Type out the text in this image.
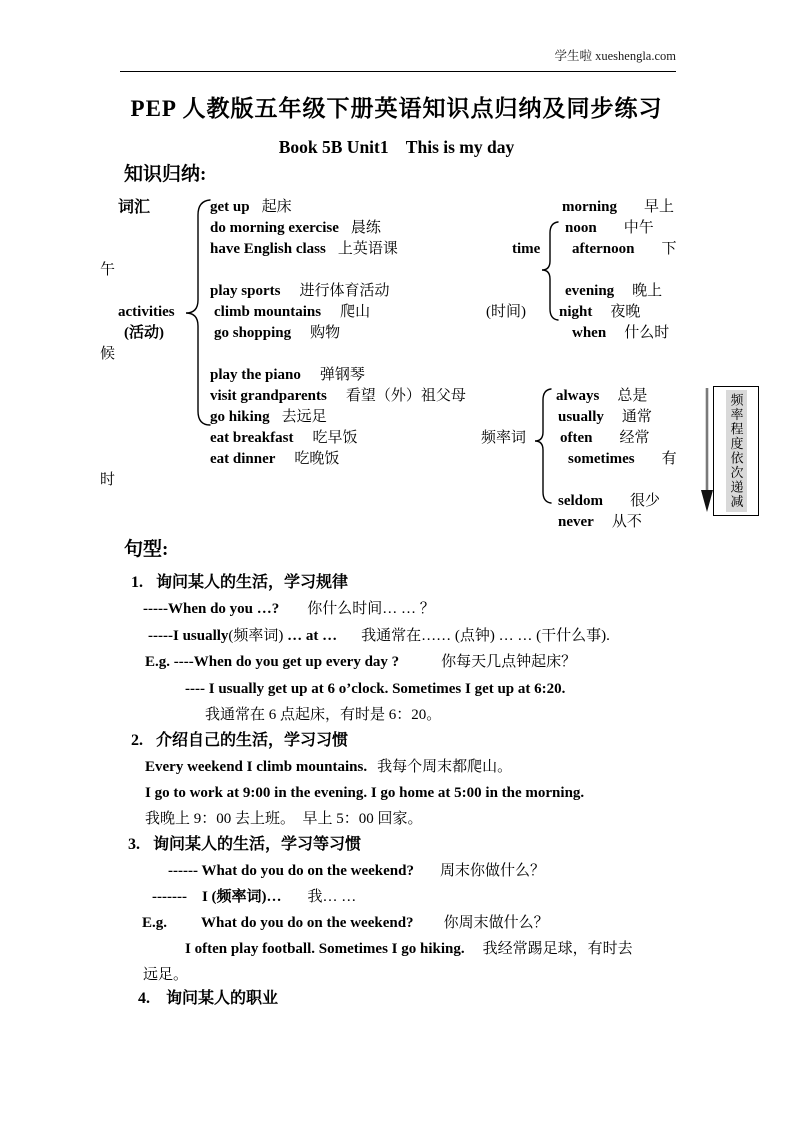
学生啦 xueshengla.com
PEP 人教版五年级下册英语知识点归纳及同步练习
Book 5B Unit1    This is my day
知识归纳:
词汇
activities
(活动)
午
候
时
get up 起床
do morning exercise 晨练
have English class 上英语课
play sports 进行体育活动
climb mountains 爬山
go shopping 购物
play the piano 弹钢琴
visit grandparents 看望（外）祖父母
go hiking 去远足
eat breakfast 吃早饭
eat dinner 吃晚饭
time
(时间)
morning 早上
noon 中午
afternoon 下
evening 晚上
night 夜晚
when 什么时
频率词
always 总是
usually 通常
often 经常
sometimes 有
seldom 很少
never 从不
频率程度依次递减
句型:
1. 询问某人的生活，学习规律
-----When do you …? 你什么时间… … ？
-----I usually(频率词) … at … 我通常在…… (点钟) … … (干什么事).
E.g. ----When do you get up every day ?	你每天几点钟起床？
---- I usually get up at 6 o’clock. Sometimes I get up at 6:20.
我通常在 6 点起床，有时是 6：20。
2. 介绍自己的生活，学习习惯
Every weekend I climb mountains. 我每个周末都爬山。
I go to work at 9:00 in the evening. I go home at 5:00 in the morning.
我晚上 9：00 去上班。  早上 5：00 回家。
3. 询问某人的生活，学习等习惯
------ What do you do on the weekend? 周末你做什么？
------- I (频率词)… 我… …
E.g. What do you do on the weekend? 你周末做什么？
I often play football. Sometimes I go hiking. 我经常踢足球，有时去
远足。
4. 询问某人的职业
